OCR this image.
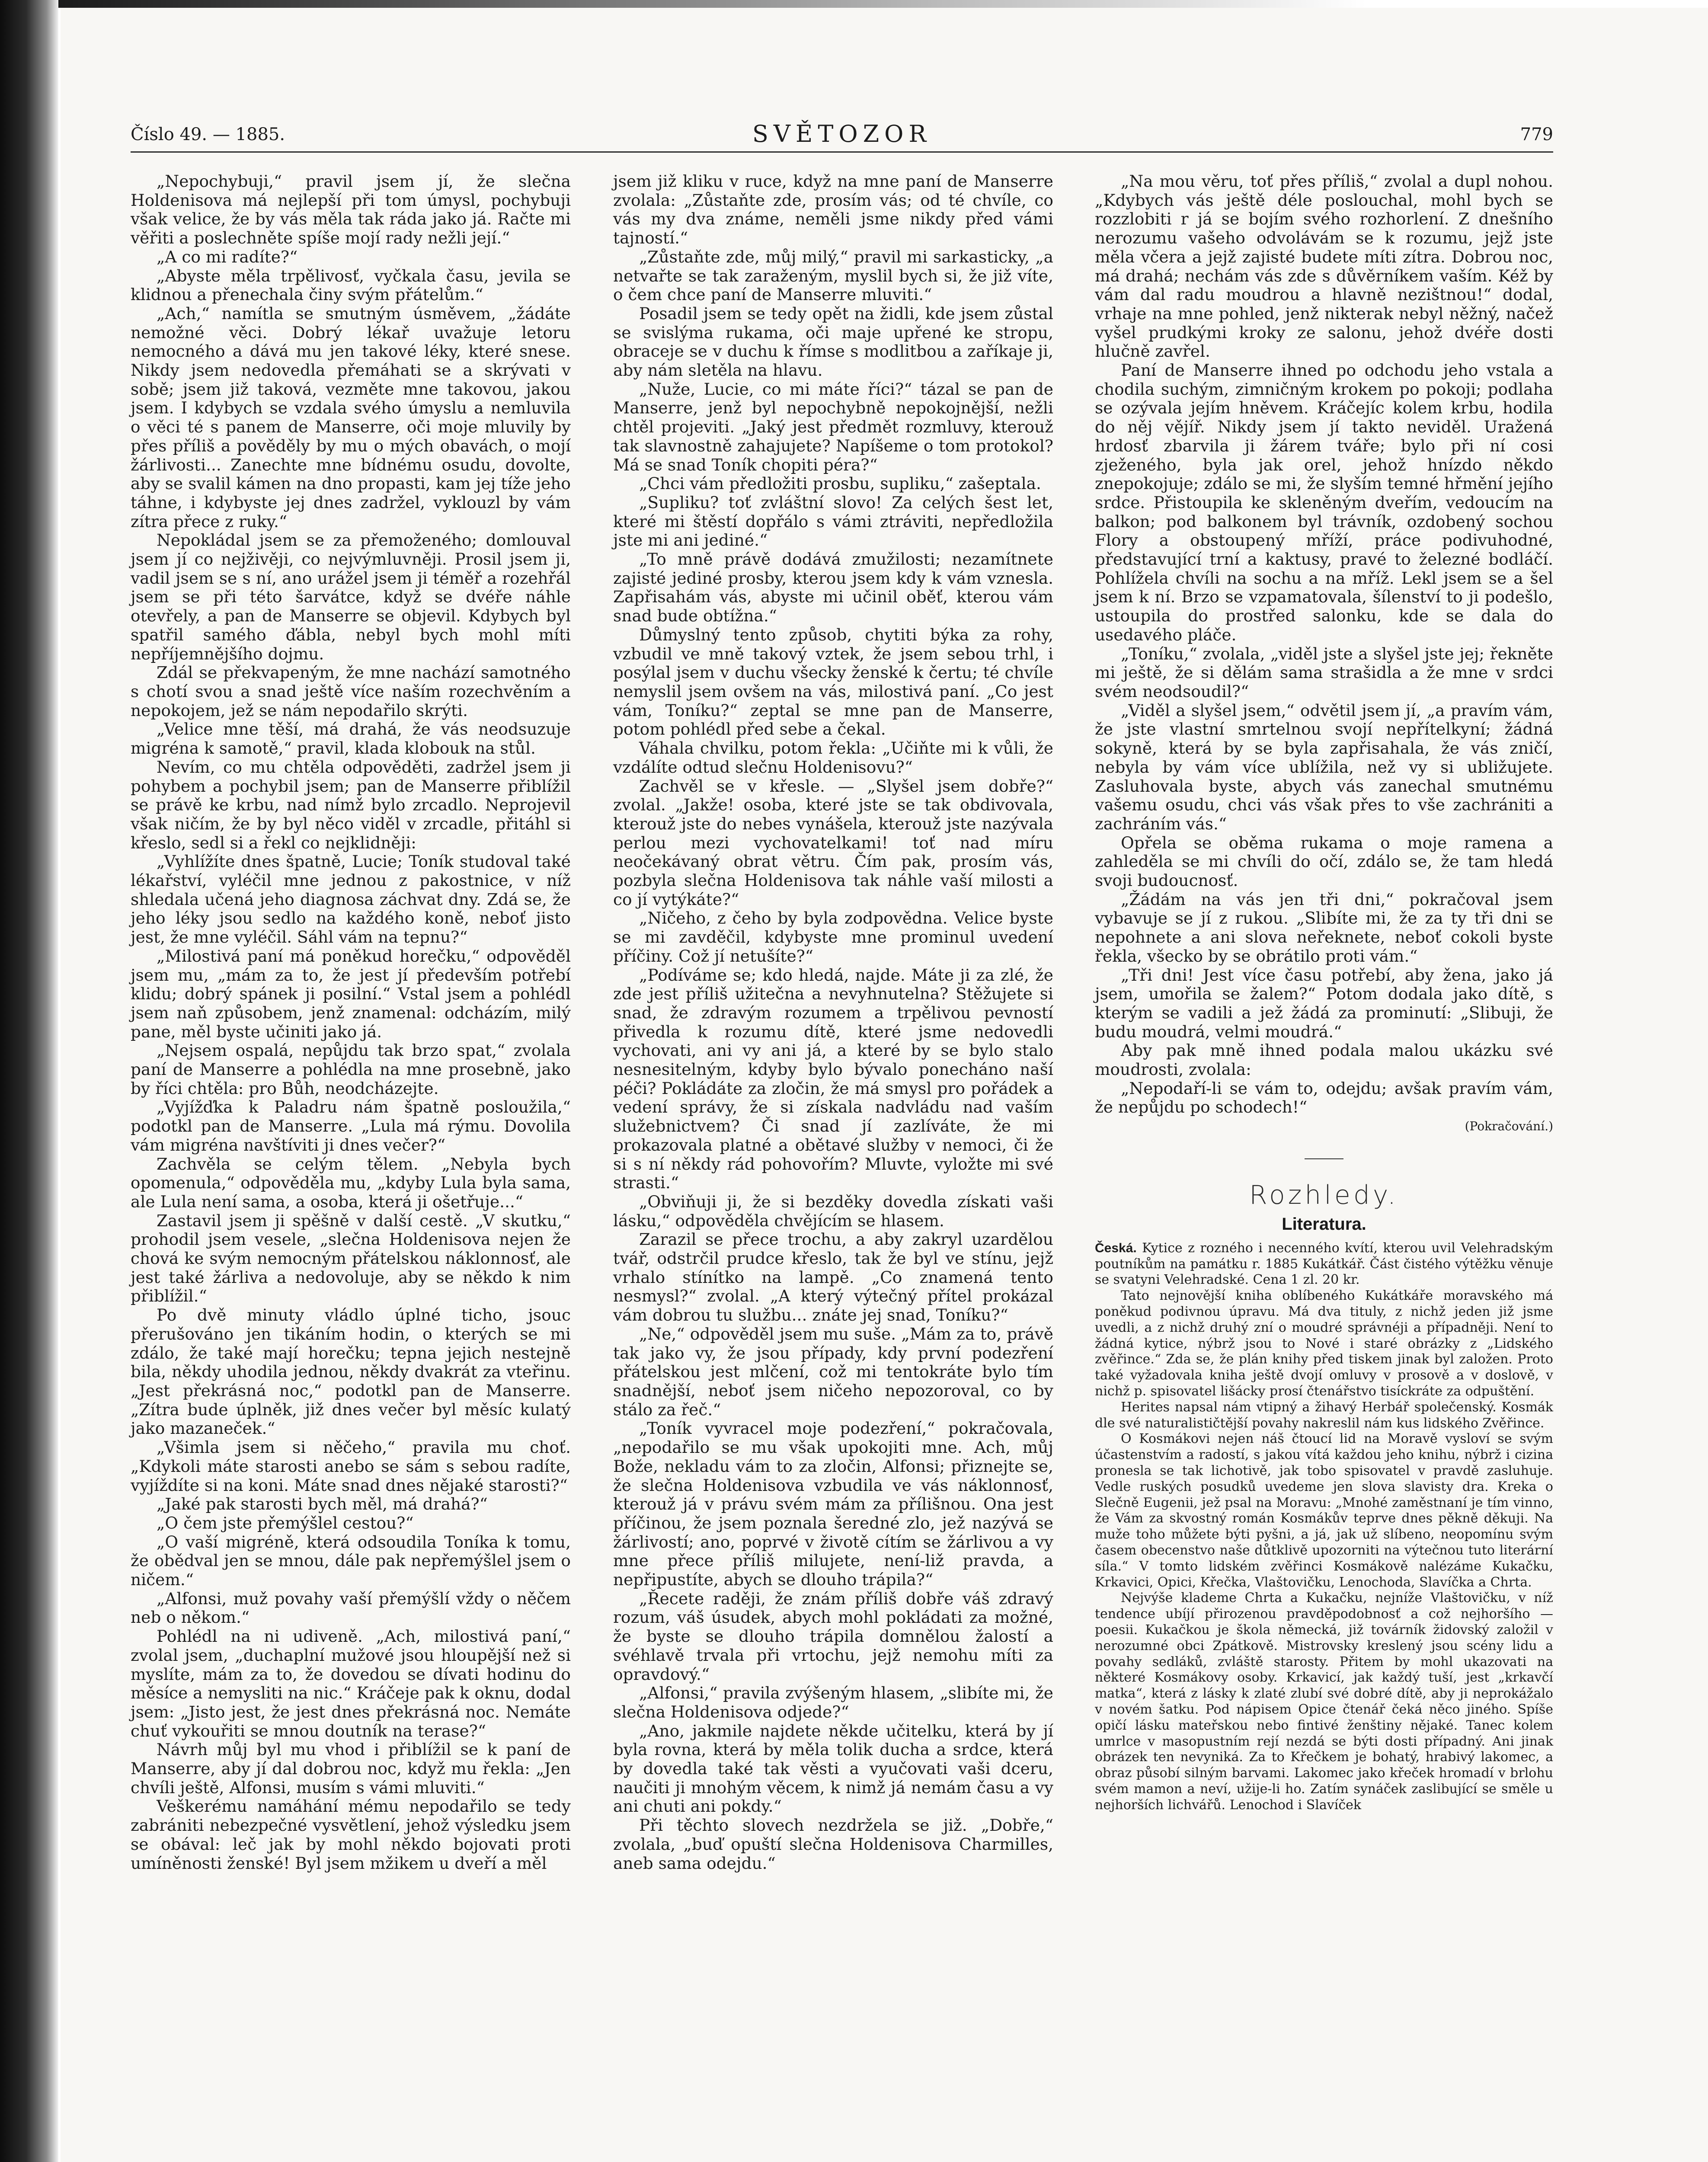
Číslo 49. — 1885.	SVĚTOZOR	779

„Nepochybuji,“ pravil jsem jí, že slečna Holdenisova má nejlepší při tom úmysl, pochybuji však velice, že by vás měla tak ráda jako já. Račte mi věřiti a poslechněte spíše mojí rady nežli její.“

„A co mi radíte?“

„Abyste měla trpělivosť, vyčkala času, jevila se klidnou a přenechala činy svým přátelům.“

„Ach,“ namítla se smutným úsměvem, „žádáte nemožné věci. Dobrý lékař uvažuje letoru nemocného a dává mu jen takové léky, které snese. Nikdy jsem nedovedla přemáhati se a skrývati v sobě; jsem již taková, vezměte mne takovou, jakou jsem. I kdybych se vzdala svého úmyslu a nemluvila o věci té s panem de Manserre, oči moje mluvily by přes příliš a pověděly by mu o mých obavách, o mojí žárlivosti... Zanechte mne bídnému osudu, dovolte, aby se svalil kámen na dno propasti, kam jej tíže jeho táhne, i kdybyste jej dnes zadržel, vyklouzl by vám zítra přece z ruky.“

Nepokládal jsem se za přemoženého; domlouval jsem jí co nejživěji, co nejvýmluvněji. Prosil jsem ji, vadil jsem se s ní, ano urážel jsem ji téměř a rozehřál jsem se při této šarvátce, když se dvéře náhle otevřely, a pan de Manserre se objevil. Kdybych byl spatřil samého ďábla, nebyl bych mohl míti nepříjemnějšího dojmu.

Zdál se překvapeným, že mne nachází samotného s chotí svou a snad ještě více naším rozechvěním a nepokojem, jež se nám nepodařilo skrýti.

„Velice mne těší, má drahá, že vás neodsuzuje migréna k samotě,“ pravil, klada klobouk na stůl.

Nevím, co mu chtěla odpověděti, zadržel jsem ji pohybem a pochybil jsem; pan de Manserre přiblížil se právě ke krbu, nad nímž bylo zrcadlo. Neprojevil však ničím, že by byl něco viděl v zrcadle, přitáhl si křeslo, sedl si a řekl co nejklidněji:

„Vyhlížíte dnes špatně, Lucie; Toník studoval také lékařství, vyléčil mne jednou z pakostnice, v níž shledala učená jeho diagnosa záchvat dny. Zdá se, že jeho léky jsou sedlo na každého koně, neboť jisto jest, že mne vyléčil. Sáhl vám na tepnu?“

„Milostivá paní má poněkud horečku,“ odpověděl jsem mu, „mám za to, že jest jí především potřebí klidu; dobrý spánek ji posilní.“ Vstal jsem a pohlédl jsem naň způsobem, jenž znamenal: odcházím, milý pane, měl byste učiniti jako já.

„Nejsem ospalá, nepůjdu tak brzo spat,“ zvolala paní de Manserre a pohlédla na mne prosebně, jako by říci chtěla: pro Bůh, neodcházejte.

„Vyjížďka k Paladru nám špatně posloužila,“ podotkl pan de Manserre. „Lula má rýmu. Dovolila vám migréna navštíviti ji dnes večer?“

Zachvěla se celým tělem. „Nebyla bych opomenula,“ odpověděla mu, „kdyby Lula byla sama, ale Lula není sama, a osoba, která ji ošetřuje...“

Zastavil jsem ji spěšně v další cestě. „V skutku,“ prohodil jsem vesele, „slečna Holdenisova nejen že chová ke svým nemocným přátelskou náklonnosť, ale jest také žárliva a nedovoluje, aby se někdo k nim přiblížil.“

Po dvě minuty vládlo úplné ticho, jsouc přerušováno jen tikáním hodin, o kterých se mi zdálo, že také mají horečku; tepna jejich nestejně bila, někdy uhodila jednou, někdy dvakrát za vteřinu. „Jest překrásná noc,“ podotkl pan de Manserre. „Zítra bude úplněk, již dnes večer byl měsíc kulatý jako mazaneček.“

„Všimla jsem si něčeho,“ pravila mu choť. „Kdykoli máte starosti anebo se sám s sebou radíte, vyjíždíte si na koni. Máte snad dnes nějaké starosti?“

„Jaké pak starosti bych měl, má drahá?“

„O čem jste přemýšlel cestou?“

„O vaší migréně, která odsoudila Toníka k tomu, že obědval jen se mnou, dále pak nepřemýšlel jsem o ničem.“

„Alfonsi, muž povahy vaší přemýšlí vždy o něčem neb o někom.“

Pohlédl na ni udiveně. „Ach, milostivá paní,“ zvolal jsem, „duchaplní mužové jsou hloupější než si myslíte, mám za to, že dovedou se dívati hodinu do měsíce a nemysliti na nic.“ Kráčeje pak k oknu, dodal jsem: „Jisto jest, že jest dnes překrásná noc. Nemáte chuť vykouřiti se mnou doutník na terase?“

Návrh můj byl mu vhod i přiblížil se k paní de Manserre, aby jí dal dobrou noc, když mu řekla: „Jen chvíli ještě, Alfonsi, musím s vámi mluviti.“

Veškerému namáhání mému nepodařilo se tedy zabrániti nebezpečné vysvětlení, jehož výsledku jsem se obával: leč jak by mohl někdo bojovati proti umíněnosti ženské! Byl jsem mžikem u dveří a měl

jsem již kliku v ruce, když na mne paní de Manserre zvolala: „Zůstaňte zde, prosím vás; od té chvíle, co vás my dva známe, neměli jsme nikdy před vámi tajností.“

„Zůstaňte zde, můj milý,“ pravil mi sarkasticky, „a netvařte se tak zaraženým, myslil bych si, že již víte, o čem chce paní de Manserre mluviti.“

Posadil jsem se tedy opět na židli, kde jsem zůstal se svislýma rukama, oči maje upřené ke stropu, obraceje se v duchu k římse s modlitbou a zaříkaje ji, aby nám sletěla na hlavu.

„Nuže, Lucie, co mi máte říci?“ tázal se pan de Manserre, jenž byl nepochybně nepokojnější, nežli chtěl projeviti. „Jaký jest předmět rozmluvy, kterouž tak slavnostně zahajujete? Napíšeme o tom protokol? Má se snad Toník chopiti péra?“

„Chci vám předložiti prosbu, supliku,“ zašeptala.

„Supliku? toť zvláštní slovo! Za celých šest let, které mi štěstí dopřálo s vámi ztráviti, nepředložila jste mi ani jediné.“

„To mně právě dodává zmužilosti; nezamítnete zajisté jediné prosby, kterou jsem kdy k vám vznesla. Zapřisahám vás, abyste mi učinil oběť, kterou vám snad bude obtížna.“

Důmyslný tento způsob, chytiti býka za rohy, vzbudil ve mně takový vztek, že jsem sebou trhl, i posýlal jsem v duchu všecky ženské k čertu; té chvíle nemyslil jsem ovšem na vás, milostivá paní. „Co jest vám, Toníku?“ zeptal se mne pan de Manserre, potom pohlédl před sebe a čekal.

Váhala chvilku, potom řekla: „Učiňte mi k vůli, že vzdálíte odtud slečnu Holdenisovu?“

Zachvěl se v křesle. — „Slyšel jsem dobře?“ zvolal. „Jakže! osoba, které jste se tak obdivovala, kterouž jste do nebes vynášela, kterouž jste nazývala perlou mezi vychovatelkami! toť nad míru neočekávaný obrat větru. Čím pak, prosím vás, pozbyla slečna Holdenisova tak náhle vaší milosti a co jí vytýkáte?“

„Ničeho, z čeho by byla zodpovědna. Velice byste se mi zavděčil, kdybyste mne prominul uvedení příčiny. Což jí netušíte?“

„Podíváme se; kdo hledá, najde. Máte ji za zlé, že zde jest příliš užitečna a nevyhnutelna? Stěžujete si snad, že zdravým rozumem a trpělivou pevností přivedla k rozumu dítě, které jsme nedovedli vychovati, ani vy ani já, a které by se bylo stalo nesnesitelným, kdyby bylo bývalo ponecháno naší péči? Pokládáte za zločin, že má smysl pro pořádek a vedení správy, že si získala nadvládu nad vaším služebnictvem? Či snad jí zazlíváte, že mi prokazovala platné a obětavé služby v nemoci, či že si s ní někdy rád pohovořím? Mluvte, vyložte mi své strasti.“

„Obviňuji ji, že si bezděky dovedla získati vaši lásku,“ odpověděla chvějícím se hlasem.

Zarazil se přece trochu, a aby zakryl uzardělou tvář, odstrčil prudce křeslo, tak že byl ve stínu, jejž vrhalo stínítko na lampě. „Co znamená tento nesmysl?“ zvolal. „A který výtečný přítel prokázal vám dobrou tu službu... znáte jej snad, Toníku?“

„Ne,“ odpověděl jsem mu suše. „Mám za to, právě tak jako vy, že jsou případy, kdy první podezření přátelskou jest mlčení, což mi tentokráte bylo tím snadnější, neboť jsem ničeho nepozoroval, co by stálo za řeč.“

„Toník vyvracel moje podezření,“ pokračovala, „nepodařilo se mu však upokojiti mne. Ach, můj Bože, nekladu vám to za zločin, Alfonsi; přiznejte se, že slečna Holdenisova vzbudila ve vás náklonnosť, kterouž já v právu svém mám za přílišnou. Ona jest příčinou, že jsem poznala šeredné zlo, jež nazývá se žárlivostí; ano, poprvé v životě cítím se žárlivou a vy mne přece příliš milujete, není-liž pravda, a nepřipustíte, abych se dlouho trápila?“

„Řecete raději, že znám příliš dobře váš zdravý rozum, váš úsudek, abych mohl pokládati za možné, že byste se dlouho trápila domnělou žalostí a svéhlavě trvala při vrtochu, jejž nemohu míti za opravdový.“

„Alfonsi,“ pravila zvýšeným hlasem, „slibíte mi, že slečna Holdenisova odjede?“

„Ano, jakmile najdete někde učitelku, která by jí byla rovna, která by měla tolik ducha a srdce, která by dovedla také tak věsti a vyučovati vaši dceru, naučiti ji mnohým věcem, k nimž já nemám času a vy ani chuti ani pokdy.“

Při těchto slovech nezdržela se již. „Dobře,“ zvolala, „buď opuští slečna Holdenisova Charmilles, aneb sama odejdu.“

„Na mou věru, toť přes příliš,“ zvolal a dupl nohou. „Kdybych vás ještě déle poslouchal, mohl bych se rozzlobiti r já se bojím svého rozhorlení. Z dnešního nerozumu vašeho odvolávám se k rozumu, jejž jste měla včera a jejž zajisté budete míti zítra. Dobrou noc, má drahá; nechám vás zde s důvěrníkem vaším. Kéž by vám dal radu moudrou a hlavně nezištnou!“ dodal, vrhaje na mne pohled, jenž nikterak nebyl něžný, načež vyšel prudkými kroky ze salonu, jehož dvéře dosti hlučně zavřel.

Paní de Manserre ihned po odchodu jeho vstala a chodila suchým, zimničným krokem po pokoji; podlaha se ozývala jejím hněvem. Kráčejíc kolem krbu, hodila do něj vějíř. Nikdy jsem jí takto neviděl. Uražená hrdosť zbarvila ji žárem tváře; bylo při ní cosi zježeného, byla jak orel, jehož hnízdo někdo znepokojuje; zdálo se mi, že slyším temné hřmění jejího srdce. Přistoupila ke skleněným dveřím, vedoucím na balkon; pod balkonem byl trávník, ozdobený sochou Flory a obstoupený mříží, práce podivuhodné, představující trní a kaktusy, pravé to železné bodláčí. Pohlížela chvíli na sochu a na mříž. Lekl jsem se a šel jsem k ní. Brzo se vzpamatovala, šílenství to ji podešlo, ustoupila do prostřed salonku, kde se dala do usedavého pláče.

„Toníku,“ zvolala, „viděl jste a slyšel jste jej; řekněte mi ještě, že si dělám sama strašidla a že mne v srdci svém neodsoudil?“

„Viděl a slyšel jsem,“ odvětil jsem jí, „a pravím vám, že jste vlastní smrtelnou svojí nepřítelkyní; žádná sokyně, která by se byla zapřisahala, že vás zničí, nebyla by vám více ublížila, než vy si ubližujete. Zasluhovala byste, abych vás zanechal smutnému vašemu osudu, chci vás však přes to vše zachrániti a zachráním vás.“

Opřela se oběma rukama o moje ramena a zahleděla se mi chvíli do očí, zdálo se, že tam hledá svoji budoucnosť.

„Žádám na vás jen tři dni,“ pokračoval jsem vybavuje se jí z rukou. „Slibíte mi, že za ty tři dni se nepohnete a ani slova neřeknete, neboť cokoli byste řekla, všecko by se obrátilo proti vám.“

„Tři dni! Jest více času potřebí, aby žena, jako já jsem, umořila se žalem?“ Potom dodala jako dítě, s kterým se vadili a jež žádá za prominutí: „Slibuji, že budu moudrá, velmi moudrá.“

Aby pak mně ihned podala malou ukázku své moudrosti, zvolala:

„Nepodaří-li se vám to, odejdu; avšak pravím vám, že nepůjdu po schodech!“

(Pokračování.)
Rozhledy.
Literatura.

Česká. Kytice z rozného i necenného kvítí, kterou uvil Velehradským poutníkům na památku r. 1885 Kukátkář. Část čistého výtěžku věnuje se svatyni Velehradské. Cena 1 zl. 20 kr.

Tato nejnovější kniha oblíbeného Kukátkáře moravského má poněkud podivnou úpravu. Má dva tituly, z nichž jeden již jsme uvedli, a z nichž druhý zní o moudré správnéji a případněji. Není to žádná kytice, nýbrž jsou to Nové i staré obrázky z „Lidského zvěřince.“ Zda se, že plán knihy před tiskem jinak byl založen. Proto také vyžadovala kniha ještě dvojí omluvy v prosově a v doslově, v nichž p. spisovatel lišácky prosí čtenářstvo tisíckráte za odpuštění.

Herites napsal nám vtipný a žihavý Herbář společenský. Kosmák dle své naturalističtější povahy nakreslil nám kus lidského Zvěřince.

O Kosmákovi nejen náš čtoucí lid na Moravě vysloví se svým účastenstvím a radostí, s jakou vítá každou jeho knihu, nýbrž i cizina pronesla se tak lichotivě, jak tobo spisovatel v pravdě zasluhuje. Vedle ruských posudků uvedeme jen slova slavisty dra. Kreka o Slečně Eugenii, jež psal na Moravu: „Mnohé zaměstnaní je tím vinno, že Vám za skvostný román Kosmákův teprve dnes pěkně děkuji. Na muže toho můžete býti pyšni, a já, jak už slíbeno, neopomínu svým časem obecenstvo naše důtklivě upozorniti na výtečnou tuto literární síla.“ V tomto lidském zvěřinci Kosmákově nalézáme Kukačku, Krkavici, Opici, Křečka, Vlaštovičku, Lenochoda, Slavíčka a Chrta.

Nejvýše klademe Chrta a Kukačku, nejníže Vlaštovičku, v níž tendence ubíjí přirozenou pravděpodobnosť a což nejhoršího — poesii. Kukačkou je škola německá, již továrník židovský založil v nerozumné obci Zpátkově. Mistrovsky kreslený jsou scény lidu a povahy sedláků, zvláště starosty. Přitem by mohl ukazovati na některé Kosmákovy osoby. Krkavicí, jak každý tuší, jest „krkavčí matka“, která z lásky k zlaté zlubí své dobré dítě, aby ji neprokážalo v novém šatku. Pod nápisem Opice čtenář čeká něco jiného. Spíše opičí lásku mateřskou nebo fintivé ženštiny nějaké. Tanec kolem umrlce v masopustním rejí nezdá se býti dosti případný. Ani jinak obrázek ten nevyniká. Za to Křečkem je bohatý, hrabivý lakomec, a obraz působí silným barvami. Lakomec jako křeček hromadí v brlohu svém mamon a neví, užije-li ho. Zatím synáček zaslibující se směle u nejhorších lichvářů. Lenochod i Slavíček
